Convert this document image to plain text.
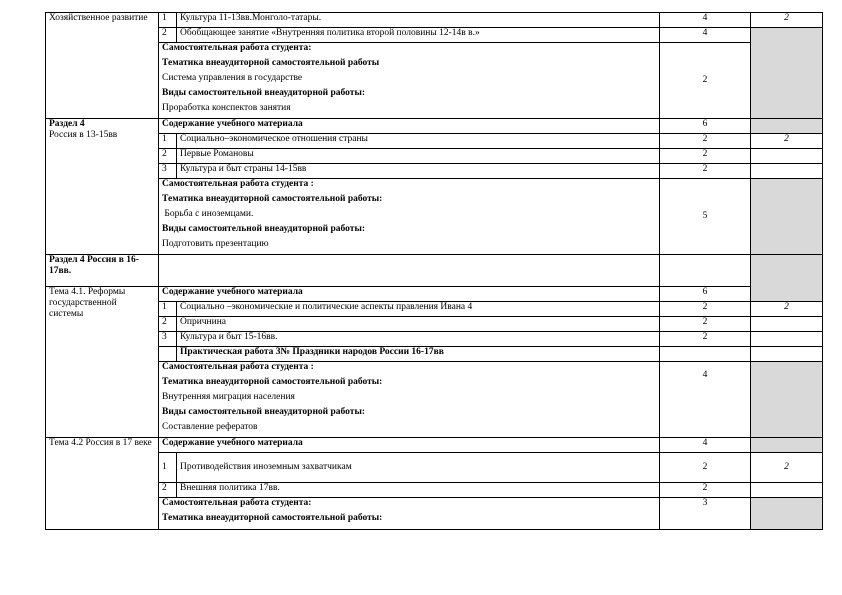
Хозяйственное развитие	1	Культура 11-13вв.Монголо-татары.	4	2
	2	Обобщающее занятие «Внутренняя политика второй половины 12-14в в.»	4	

	Самостоятельная работа студента:
Тематика внеаудиторной самостоятельной работы
Система управления в государстве
Виды самостоятельной внеаудиторной работы:
Проработка конспектов занятия		2	

Раздел 4
Россия в 13-15вв	Содержание учебного материала		6	
	1	Социально–экономическое отношения страны	2	2
	2	Первые Романовы	2	
	3	Культура и быт страны 14-15вв	2	

	Самостоятельная работа студента :
Тематика внеаудиторной самостоятельной работы:
Борьба с иноземцами.
Виды самостоятельной внеаудиторной работы:
Подготовить презентацию		5	
Раздел 4 Россия в 16-17вв.				

Тема 4.1. Реформы
государственной
системы	Содержание учебного материала		6	
	1	Социально –экономические и политические аспекты правления Ивана 4	2	2
	2	Опричнина	2	
	3	Культура и быт 15-16вв.	2	
		Практическая работа 3№ Праздники народов России 16-17вв		

	Самостоятельная работа студента :
Тематика внеаудиторной самостоятельной работы:
Внутренняя миграция населения
Виды самостоятельной внеаудиторной работы:
Составление рефератов		4	
Тема 4.2 Россия в 17 веке	Содержание учебного материала		4	
	1	Противодействия иноземным захватчикам	2	2
	2	Внешняя политика 17вв.	2	

	Самостоятельная работа студента:
Тематика внеаудиторной самостоятельной работы:		3	
